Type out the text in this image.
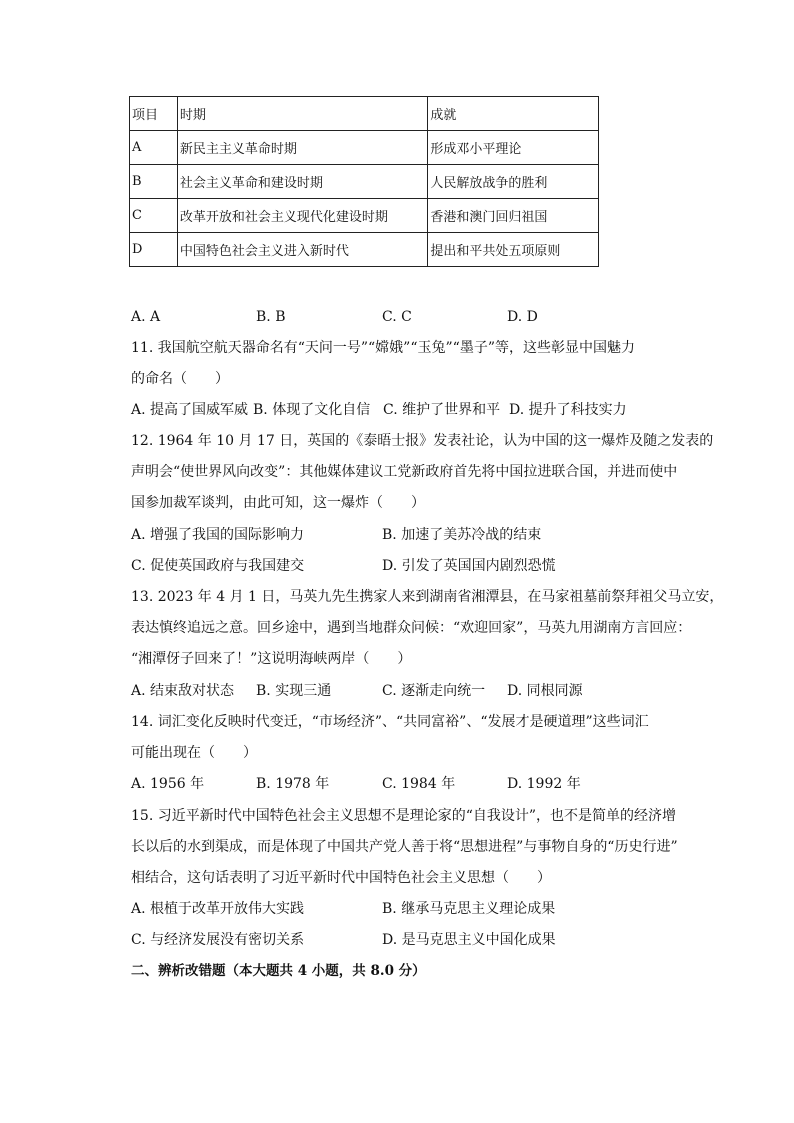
项目	时期	成就
A	新民主主义革命时期	形成邓小平理论
B	社会主义革命和建设时期	人民解放战争的胜利
C	改革开放和社会主义现代化建设时期	香港和澳门回归祖国
D	中国特色社会主义进入新时代	提出和平共处五项原则
A. A	B. B	C. C	D. D
11. 我国航空航天器命名有“天问一号”“嫦娥”“玉兔”“墨子”等，这些彰显中国魅力
的命名（　　）
A. 提高了国威军威 B. 体现了文化自信 C. 维护了世界和平 D. 提升了科技实力
12. 1964 年 10 月 17 日，英国的《泰晤士报》发表社论，认为中国的这一爆炸及随之发表的
声明会“使世界风向改变”：其他媒体建议工党新政府首先将中国拉进联合国，并进而使中
国参加裁军谈判，由此可知，这一爆炸（　　）
A. 增强了我国的国际影响力	B. 加速了美苏冷战的结束
C. 促使英国政府与我国建交	D. 引发了英国国内剧烈恐慌
13. 2023 年 4 月 1 日，马英九先生携家人来到湖南省湘潭县，在马家祖墓前祭拜祖父马立安，
表达慎终追远之意。回乡途中，遇到当地群众问候：“欢迎回家”，马英九用湖南方言回应：
“湘潭伢子回来了！”这说明海峡两岸（　　）
A. 结束敌对状态 B. 实现三通	C. 逐渐走向统一 D. 同根同源
14. 词汇变化反映时代变迁，“市场经济”、“共同富裕”、“发展才是硬道理”这些词汇
可能出现在（　　）
A. 1956 年	B. 1978 年	C. 1984 年	D. 1992 年
15. 习近平新时代中国特色社会主义思想不是理论家的“自我设计”，也不是简单的经济增
长以后的水到渠成，而是体现了中国共产党人善于将“思想进程”与事物自身的“历史行进”
相结合，这句话表明了习近平新时代中国特色社会主义思想（　　）
A. 根植于改革开放伟大实践	B. 继承马克思主义理论成果
C. 与经济发展没有密切关系	D. 是马克思主义中国化成果
二、辨析改错题（本大题共 4 小题，共 8.0 分）
